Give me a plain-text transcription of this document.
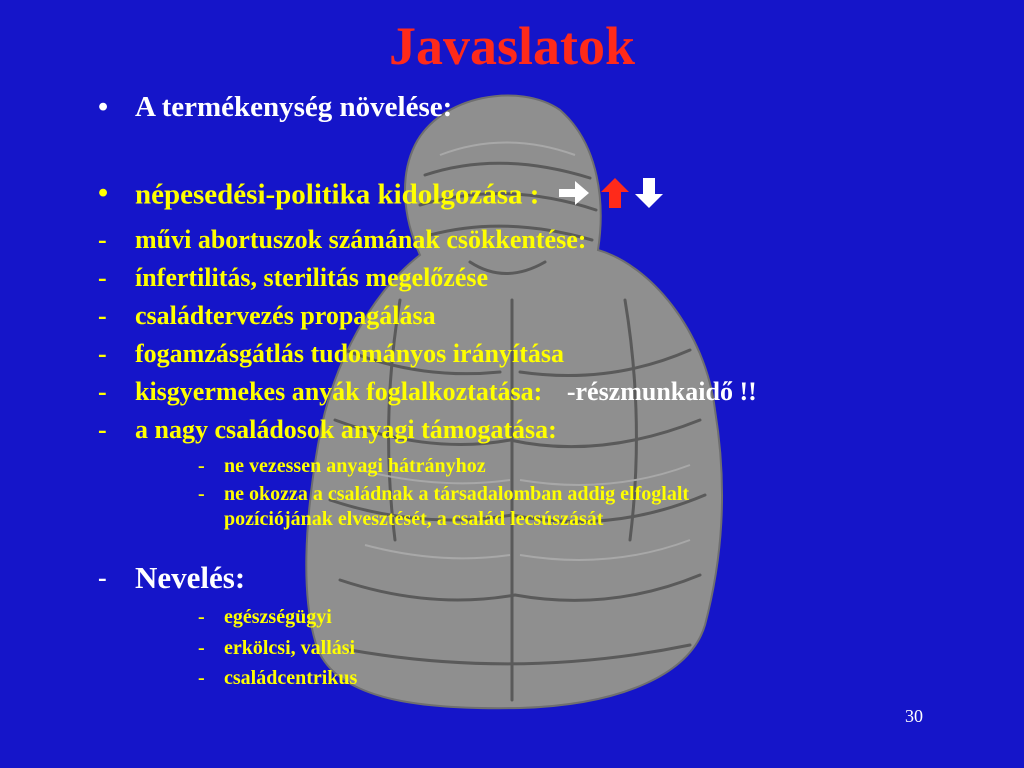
Javaslatok
• A termékenység növelése:
• népesedési-politika kidolgozása :
- művi abortuszok számának csökkentése:
- ínfertilitás, sterilitás megelőzése
- családtervezés propagálása
- fogamzásgátlás tudományos irányítása
- kisgyermekes anyák foglalkoztatása: -részmunkaidő !!
- a nagy családosok anyagi támogatása:
- ne vezessen anyagi hátrányhoz
- ne okozza a családnak a társadalomban addig elfoglalt
pozíciójának elvesztését, a család lecsúszását
- Nevelés:
- egészségügyi
- erkölcsi, vallási
- családcentrikus
30
